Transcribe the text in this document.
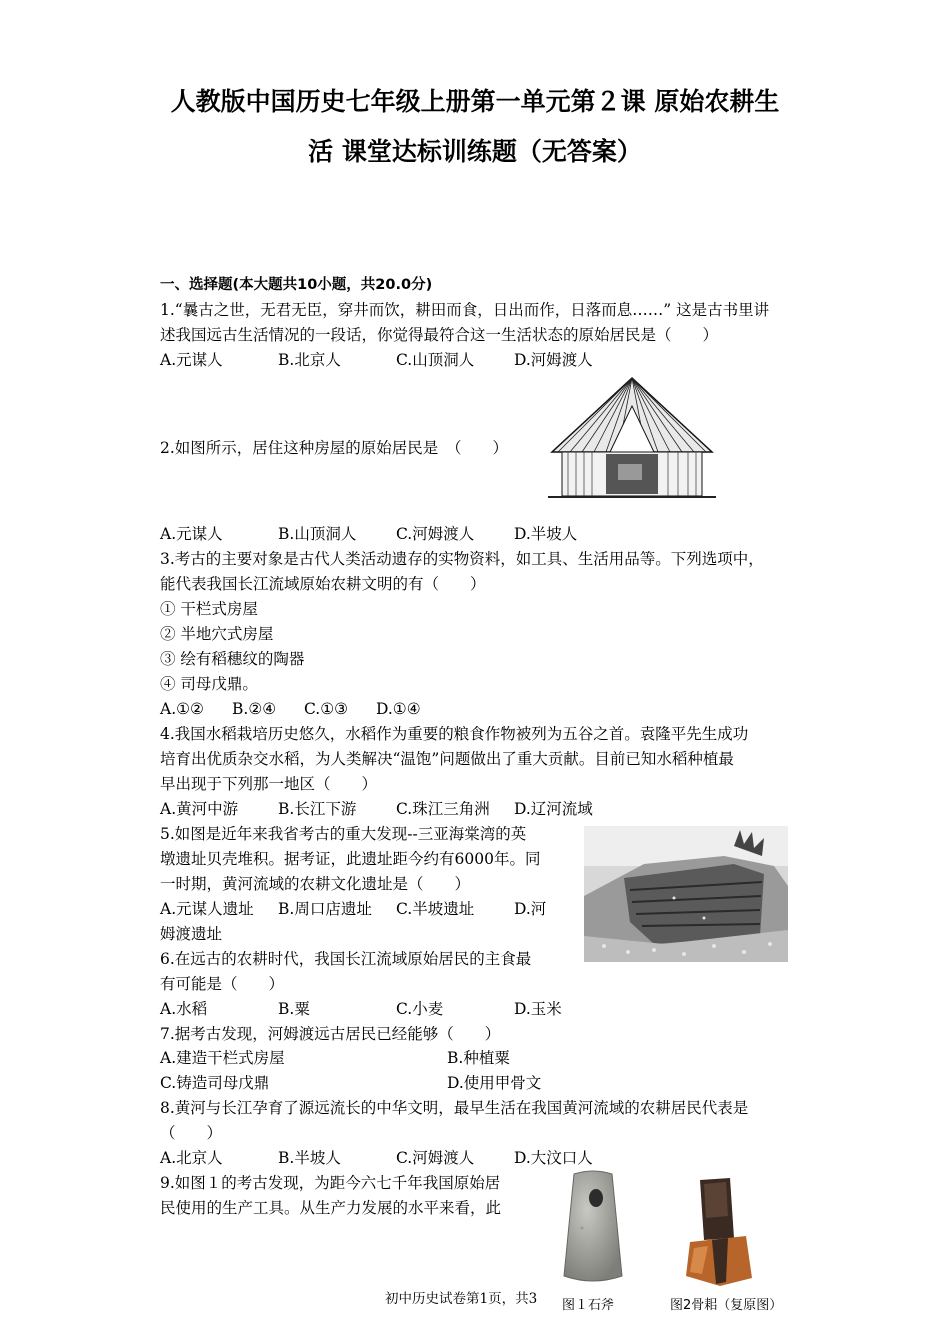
人教版中国历史七年级上册第一单元第２课 原始农耕生
活 课堂达标训练题（无答案）
一、选择题(本大题共10小题，共20.0分)
1.“曩古之世，无君无臣，穿井而饮，耕田而食，日出而作，日落而息……” 这是古书里讲
述我国远古生活情况的一段话，你觉得最符合这一生活状态的原始居民是（　　）
A.元谋人	B.北京人	C.山顶洞人	D.河姆渡人
2.如图所示，居住这种房屋的原始居民是　（　　）
A.元谋人	B.山顶洞人	C.河姆渡人	D.半坡人
3.考古的主要对象是古代人类活动遗存的实物资料，如工具、生活用品等。下列选项中，
能代表我国长江流域原始农耕文明的有（　　）
① 干栏式房屋
② 半地穴式房屋
③ 绘有稻穗纹的陶器
④ 司母戊鼎。
A.①② B.②④ C.①③ D.①④
4.我国水稻栽培历史悠久，水稻作为重要的粮食作物被列为五谷之首。袁隆平先生成功
培育出优质杂交水稻，为人类解决“温饱”问题做出了重大贡献。目前已知水稻种植最
早出现于下列那一地区（　　）
A.黄河中游	B.长江下游	C.珠江三角洲 D.辽河流域
5.如图是近年来我省考古的重大发现--三亚海棠湾的英
墩遗址贝壳堆积。据考证，此遗址距今约有6000年。同
一时期，黄河流域的农耕文化遗址是（　　）
A.元谋人遗址 B.周口店遗址 C.半坡遗址	D.河
姆渡遗址
6.在远古的农耕时代，我国长江流域原始居民的主食最
有可能是（　　）
A.水稻	B.粟	C.小麦	D.玉米
7.据考古发现，河姆渡远古居民已经能够（　　）
A.建造干栏式房屋	B.种植粟
C.铸造司母戊鼎	D.使用甲骨文
8.黄河与长江孕育了源远流长的中华文明，最早生活在我国黄河流域的农耕居民代表是
（　　）
A.北京人	B.半坡人	C.河姆渡人	D.大汶口人
9.如图１的考古发现，为距今六七千年我国原始居
民使用的生产工具。从生产力发展的水平来看，此
图１石斧	图2骨耜（复原图）
初中历史试卷第1页，共3
